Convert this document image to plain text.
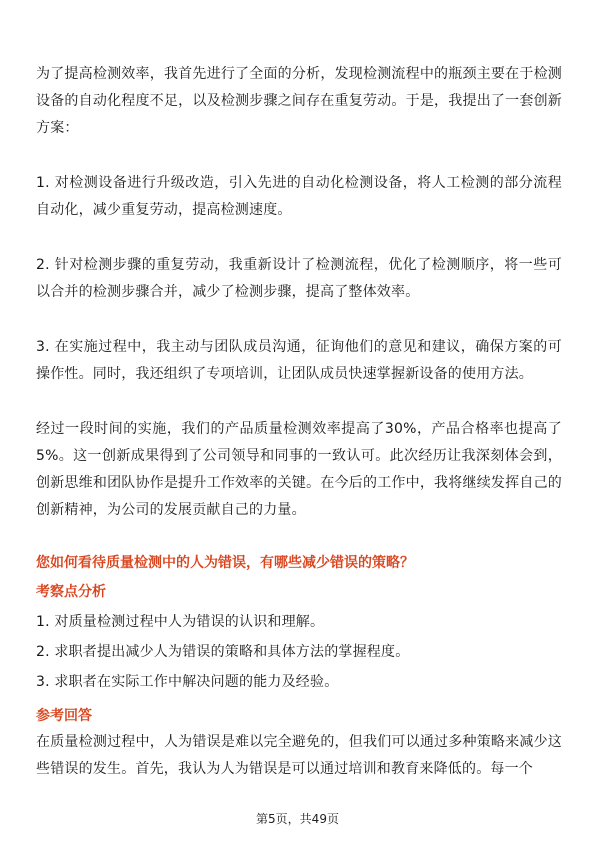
为了提高检测效率，我首先进行了全面的分析，发现检测流程中的瓶颈主要在于检测设备的自动化程度不足，以及检测步骤之间存在重复劳动。于是，我提出了一套创新方案：

1. 对检测设备进行升级改造，引入先进的自动化检测设备，将人工检测的部分流程自动化，减少重复劳动，提高检测速度。

2. 针对检测步骤的重复劳动，我重新设计了检测流程，优化了检测顺序，将一些可以合并的检测步骤合并，减少了检测步骤，提高了整体效率。

3. 在实施过程中，我主动与团队成员沟通，征询他们的意见和建议，确保方案的可操作性。同时，我还组织了专项培训，让团队成员快速掌握新设备的使用方法。

经过一段时间的实施，我们的产品质量检测效率提高了30%，产品合格率也提高了5%。这一创新成果得到了公司领导和同事的一致认可。此次经历让我深刻体会到，创新思维和团队协作是提升工作效率的关键。在今后的工作中，我将继续发挥自己的创新精神，为公司的发展贡献自己的力量。

您如何看待质量检测中的人为错误，有哪些减少错误的策略？
考察点分析
1. 对质量检测过程中人为错误的认识和理解。
2. 求职者提出减少人为错误的策略和具体方法的掌握程度。
3. 求职者在实际工作中解决问题的能力及经验。
参考回答

在质量检测过程中，人为错误是难以完全避免的，但我们可以通过多种策略来减少这些错误的发生。首先，我认为人为错误是可以通过培训和教育来降低的。每一个

第5页，共49页
